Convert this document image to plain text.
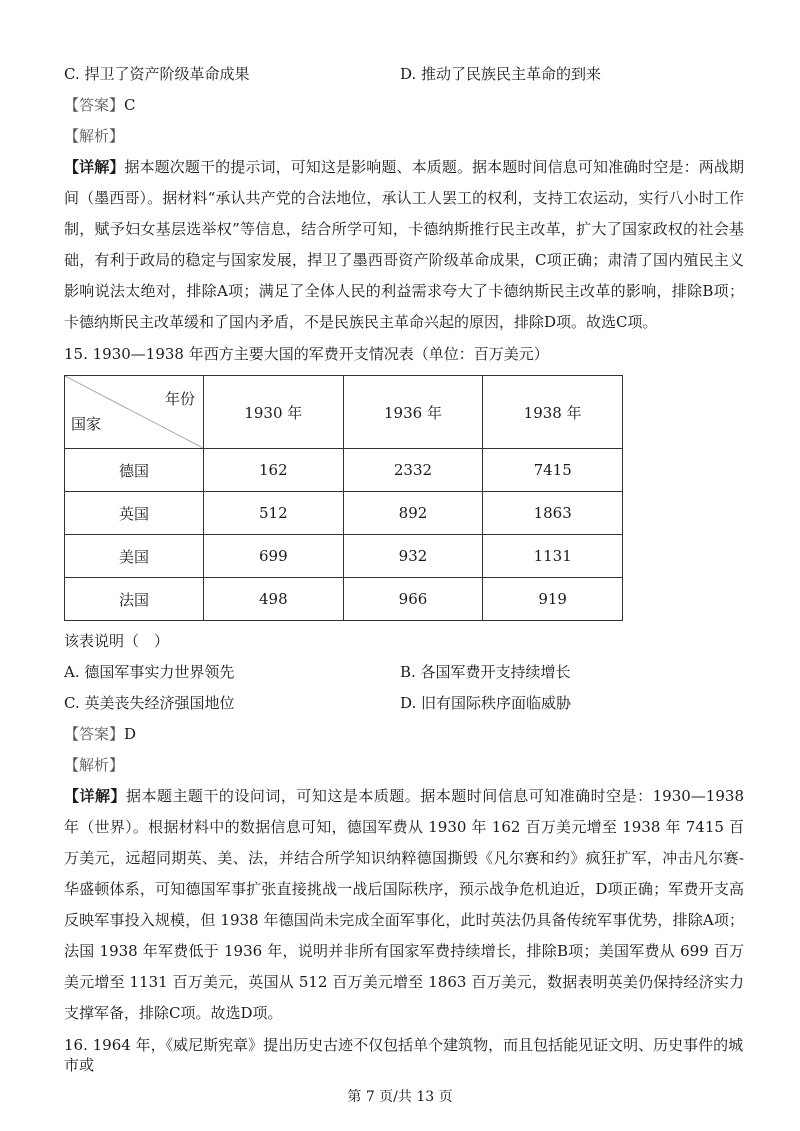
C. 捍卫了资产阶级革命成果	D. 推动了民族民主革命的到来
【答案】C
【解析】
【详解】据本题次题干的提示词，可知这是影响题、本质题。据本题时间信息可知准确时空是：两战期间（墨西哥）。据材料“承认共产党的合法地位，承认工人罢工的权利，支持工农运动，实行八小时工作制，赋予妇女基层选举权”等信息，结合所学可知，卡德纳斯推行民主改革，扩大了国家政权的社会基础，有利于政局的稳定与国家发展，捍卫了墨西哥资产阶级革命成果，C项正确；肃清了国内殖民主义影响说法太绝对，排除A项；满足了全体人民的利益需求夸大了卡德纳斯民主改革的影响，排除B项；卡德纳斯民主改革缓和了国内矛盾，不是民族民主革命兴起的原因，排除D项。故选C项。
15. 1930—1938 年西方主要大国的军费开支情况表（单位：百万美元）
年份
国家	1930 年	1936 年	1938 年
德国	162	2332	7415
英国	512	892	1863
美国	699	932	1131
法国	498	966	919
该表说明（　）
A. 德国军事实力世界领先	B. 各国军费开支持续增长
C. 英美丧失经济强国地位	D. 旧有国际秩序面临威胁
【答案】D
【解析】
【详解】据本题主题干的设问词，可知这是本质题。据本题时间信息可知准确时空是：1930—1938 年（世界）。根据材料中的数据信息可知，德国军费从 1930 年 162 百万美元增至 1938 年 7415 百万美元，远超同期英、美、法，并结合所学知识纳粹德国撕毁《凡尔赛和约》疯狂扩军，冲击凡尔赛-华盛顿体系，可知德国军事扩张直接挑战一战后国际秩序，预示战争危机迫近，D项正确；军费开支高反映军事投入规模，但 1938 年德国尚未完成全面军事化，此时英法仍具备传统军事优势，排除A项；法国 1938 年军费低于 1936 年，说明并非所有国家军费持续增长，排除B项；美国军费从 699 百万美元增至 1131 百万美元，英国从 512 百万美元增至 1863 百万美元，数据表明英美仍保持经济实力支撑军备，排除C项。故选D项。
16. 1964 年，《威尼斯宪章》提出历史古迹不仅包括单个建筑物，而且包括能见证文明、历史事件的城市或
第 7 页/共 13 页
